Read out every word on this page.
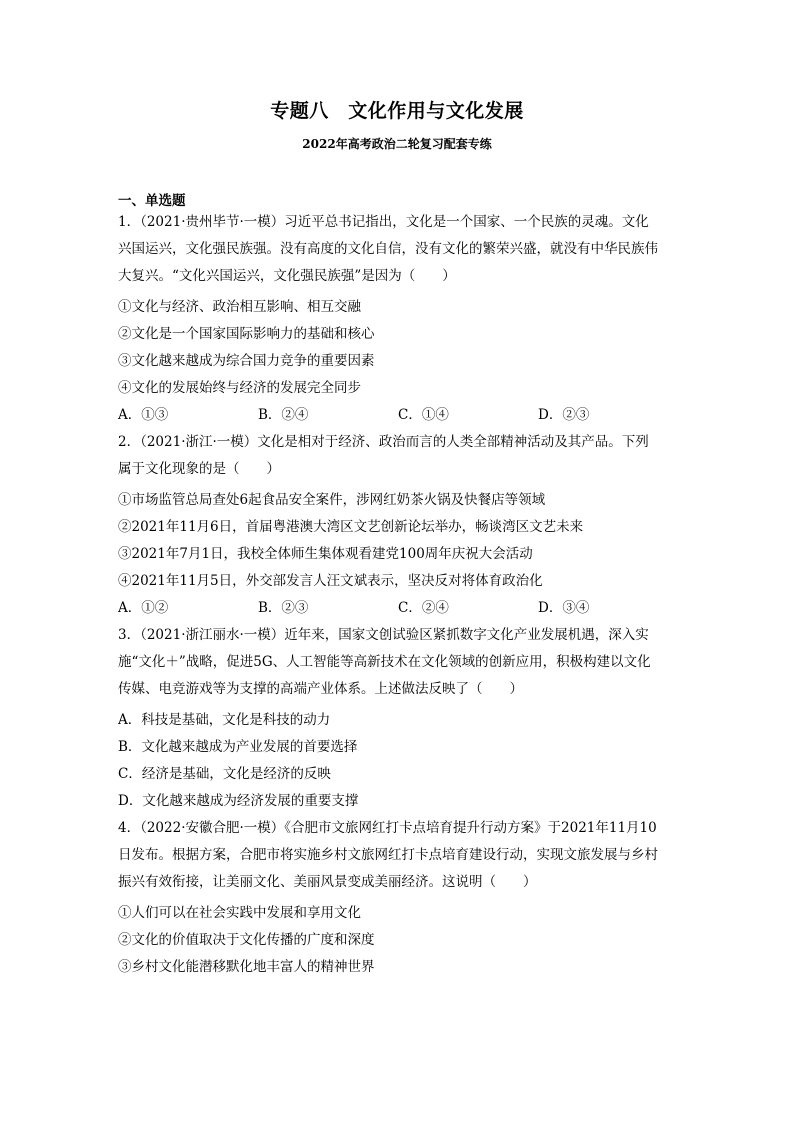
专题八　文化作用与文化发展
2022年高考政治二轮复习配套专练
一、单选题

1．（2021·贵州毕节·一模）习近平总书记指出，文化是一个国家、一个民族的灵魂。文化

兴国运兴，文化强民族强。没有高度的文化自信，没有文化的繁荣兴盛，就没有中华民族伟

大复兴。“文化兴国运兴，文化强民族强”是因为（　　）

①文化与经济、政治相互影响、相互交融

②文化是一个国家国际影响力的基础和核心

③文化越来越成为综合国力竞争的重要因素

④文化的发展始终与经济的发展完全同步

A．①③	B．②④	C．①④	D．②③

2．（2021·浙江·一模）文化是相对于经济、政治而言的人类全部精神活动及其产品。下列

属于文化现象的是（　　）

①市场监管总局查处6起食品安全案件，涉网红奶茶火锅及快餐店等领域

②2021年11月6日，首届粤港澳大湾区文艺创新论坛举办，畅谈湾区文艺未来

③2021年7月1日，我校全体师生集体观看建党100周年庆祝大会活动

④2021年11月5日，外交部发言人汪文斌表示，坚决反对将体育政治化

A．①②	B．②③	C．②④	D．③④

3．（2021·浙江丽水·一模）近年来，国家文创试验区紧抓数字文化产业发展机遇，深入实

施“文化＋”战略，促进5G、人工智能等高新技术在文化领域的创新应用，积极构建以文化

传媒、电竞游戏等为支撑的高端产业体系。上述做法反映了（　　）

A．科技是基础，文化是科技的动力

B．文化越来越成为产业发展的首要选择

C．经济是基础，文化是经济的反映

D．文化越来越成为经济发展的重要支撑

4．（2022·安徽合肥·一模）《合肥市文旅网红打卡点培育提升行动方案》于2021年11月10

日发布。根据方案，合肥市将实施乡村文旅网红打卡点培育建设行动，实现文旅发展与乡村

振兴有效衔接，让美丽文化、美丽风景变成美丽经济。这说明（　　）

①人们可以在社会实践中发展和享用文化

②文化的价值取决于文化传播的广度和深度

③乡村文化能潜移默化地丰富人的精神世界
